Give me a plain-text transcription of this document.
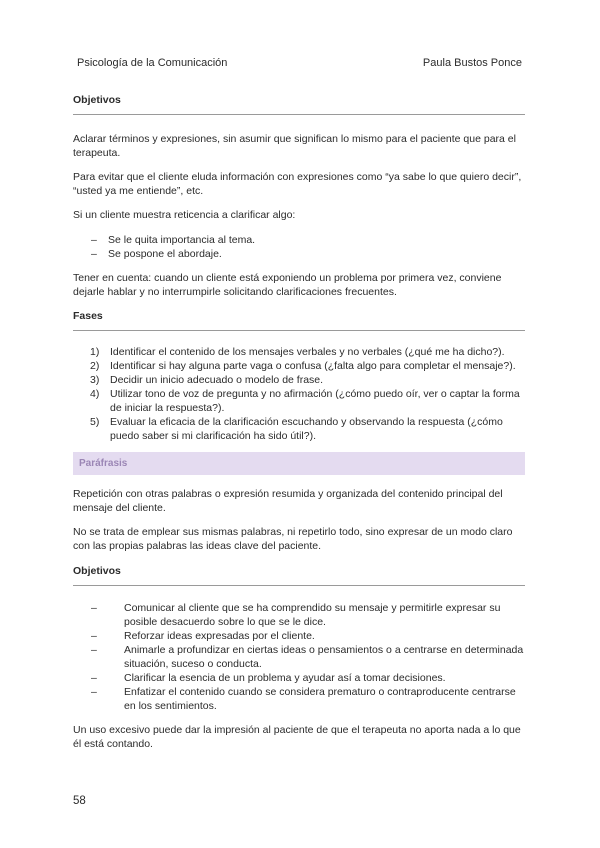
Psicología de la Comunicación	Paula Bustos Ponce
Objetivos

Aclarar términos y expresiones, sin asumir que significan lo mismo para el paciente que para el terapeuta.

Para evitar que el cliente eluda información con expresiones como “ya sabe lo que quiero decir”, “usted ya me entiende”, etc.

Si un cliente muestra reticencia a clarificar algo:

– Se le quita importancia al tema.
– Se pospone el abordaje.

Tener en cuenta: cuando un cliente está exponiendo un problema por primera vez, conviene dejarle hablar y no interrumpirle solicitando clarificaciones frecuentes.

Fases
1) Identificar el contenido de los mensajes verbales y no verbales (¿qué me ha dicho?).
2) Identificar si hay alguna parte vaga o confusa (¿falta algo para completar el mensaje?).
3) Decidir un inicio adecuado o modelo de frase.
4) Utilizar tono de voz de pregunta y no afirmación (¿cómo puedo oír, ver o captar la forma de iniciar la respuesta?).
5) Evaluar la eficacia de la clarificación escuchando y observando la respuesta (¿cómo puedo saber si mi clarificación ha sido útil?).
Paráfrasis

Repetición con otras palabras o expresión resumida y organizada del contenido principal del mensaje del cliente.

No se trata de emplear sus mismas palabras, ni repetirlo todo, sino expresar de un modo claro con las propias palabras las ideas clave del paciente.

Objetivos
–	Comunicar al cliente que se ha comprendido su mensaje y permitirle expresar su posible desacuerdo sobre lo que se le dice.
–	Reforzar ideas expresadas por el cliente.
–	Animarle a profundizar en ciertas ideas o pensamientos o a centrarse en determinada situación, suceso o conducta.
–	Clarificar la esencia de un problema y ayudar así a tomar decisiones.
–	Enfatizar el contenido cuando se considera prematuro o contraproducente centrarse en los sentimientos.

Un uso excesivo puede dar la impresión al paciente de que el terapeuta no aporta nada a lo que él está contando.

58
